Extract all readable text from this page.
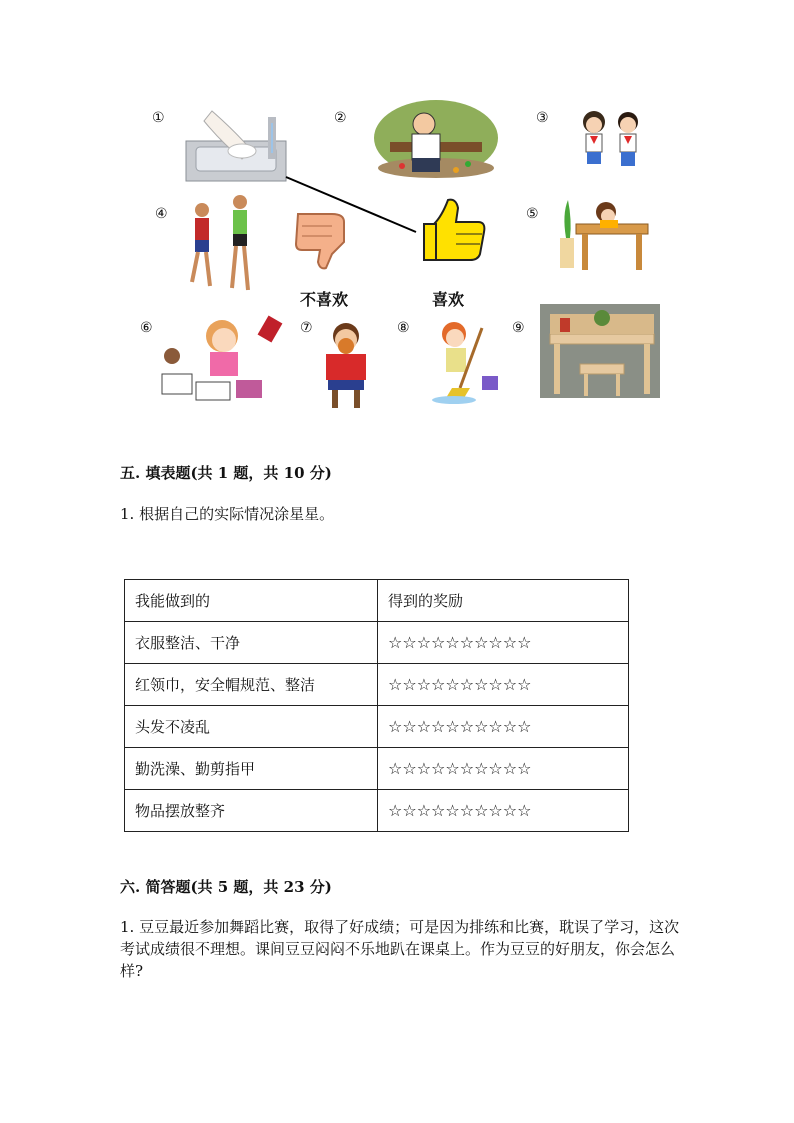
①	②	③
④	⑤
⑥	⑦	⑧	⑨
不喜欢	喜欢
五. 填表题(共 1 题，共 10 分)
1. 根据自己的实际情况涂星星。
我能做到的	得到的奖励
衣服整洁、干净	☆☆☆☆☆☆☆☆☆☆
红领巾，安全帽规范、整洁	☆☆☆☆☆☆☆☆☆☆
头发不凌乱	☆☆☆☆☆☆☆☆☆☆
勤洗澡、勤剪指甲	☆☆☆☆☆☆☆☆☆☆
物品摆放整齐	☆☆☆☆☆☆☆☆☆☆
六. 简答题(共 5 题，共 23 分)
1. 豆豆最近参加舞蹈比赛，取得了好成绩；可是因为排练和比赛，耽误了学习，这次考试成绩很不理想。课间豆豆闷闷不乐地趴在课桌上。作为豆豆的好朋友，你会怎么样?
